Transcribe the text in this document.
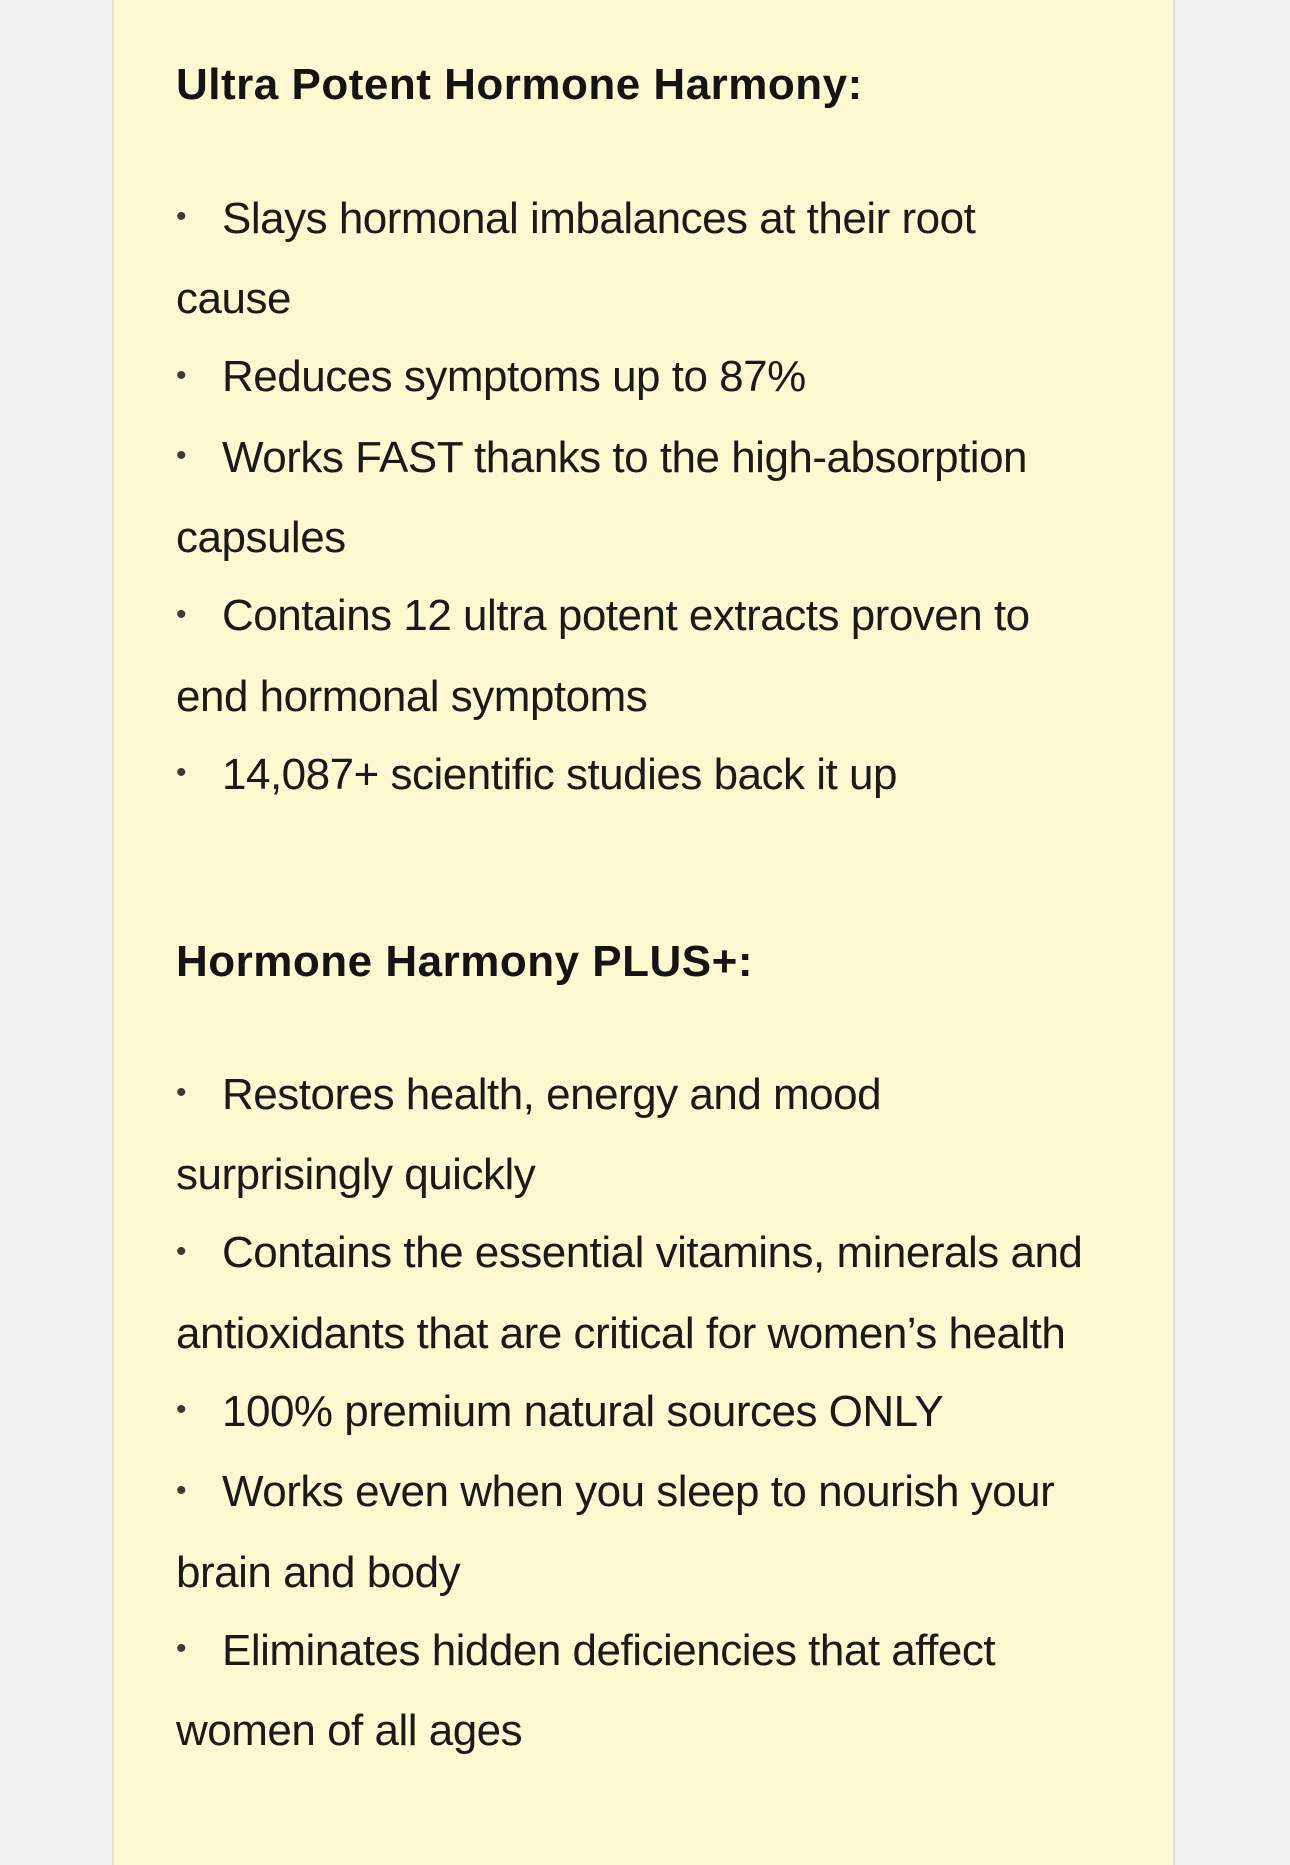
Ultra Potent Hormone Harmony:
• Slays hormonal imbalances at their root cause
• Reduces symptoms up to 87%
• Works FAST thanks to the high-absorption capsules
• Contains 12 ultra potent extracts proven to end hormonal symptoms
• 14,087+ scientific studies back it up
Hormone Harmony PLUS+:
• Restores health, energy and mood surprisingly quickly
• Contains the essential vitamins, minerals and antioxidants that are critical for women’s health
• 100% premium natural sources ONLY
• Works even when you sleep to nourish your brain and body
• Eliminates hidden deficiencies that affect women of all ages
